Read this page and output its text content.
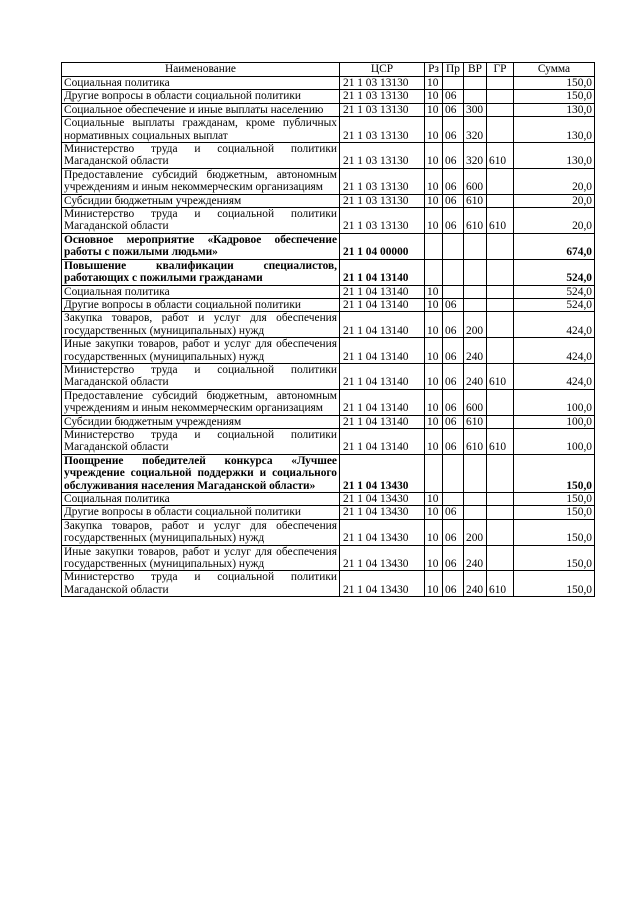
Наименование	ЦСР	Рз	Пр	ВР	ГР	Сумма
Социальная политика	21 1 03 13130	10				150,0
Другие вопросы в области социальной политики	21 1 03 13130	10	06			150,0
Социальное обеспечение и иные выплаты населению	21 1 03 13130	10	06	300		130,0
Социальные выплаты гражданам, кроме публичных нормативных социальных выплат	21 1 03 13130	10	06	320		130,0
Министерство труда и социальной политики Магаданской области	21 1 03 13130	10	06	320	610	130,0
Предоставление субсидий бюджетным, автономным учреждениям и иным некоммерческим организациям	21 1 03 13130	10	06	600		20,0
Субсидии бюджетным учреждениям	21 1 03 13130	10	06	610		20,0
Министерство труда и социальной политики Магаданской области	21 1 03 13130	10	06	610	610	20,0
Основное мероприятие «Кадровое обеспечение работы с пожилыми людьми»	21 1 04 00000					674,0
Повышение квалификации специалистов, работающих с пожилыми гражданами	21 1 04 13140					524,0
Социальная политика	21 1 04 13140	10				524,0
Другие вопросы в области социальной политики	21 1 04 13140	10	06			524,0
Закупка товаров, работ и услуг для обеспечения государственных (муниципальных) нужд	21 1 04 13140	10	06	200		424,0
Иные закупки товаров, работ и услуг для обеспечения государственных (муниципальных) нужд	21 1 04 13140	10	06	240		424,0
Министерство труда и социальной политики Магаданской области	21 1 04 13140	10	06	240	610	424,0
Предоставление субсидий бюджетным, автономным учреждениям и иным некоммерческим организациям	21 1 04 13140	10	06	600		100,0
Субсидии бюджетным учреждениям	21 1 04 13140	10	06	610		100,0
Министерство труда и социальной политики Магаданской области	21 1 04 13140	10	06	610	610	100,0
Поощрение победителей конкурса «Лучшее учреждение социальной поддержки и социального обслуживания населения Магаданской области»	21 1 04 13430					150,0
Социальная политика	21 1 04 13430	10				150,0
Другие вопросы в области социальной политики	21 1 04 13430	10	06			150,0
Закупка товаров, работ и услуг для обеспечения государственных (муниципальных) нужд	21 1 04 13430	10	06	200		150,0
Иные закупки товаров, работ и услуг для обеспечения государственных (муниципальных) нужд	21 1 04 13430	10	06	240		150,0
Министерство труда и социальной политики Магаданской области	21 1 04 13430	10	06	240	610	150,0
